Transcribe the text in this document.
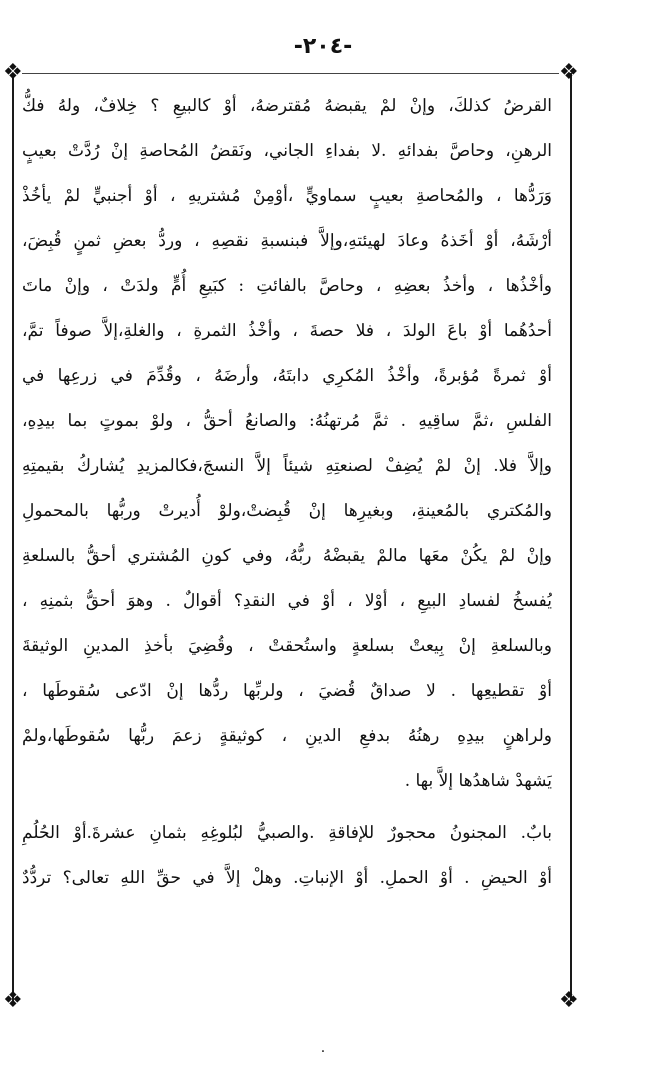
-٢٠٤-
❖	❖
❖	❖
القرضُ كذلكَ، وإنْ لمْ يقبضهُ مُقترضهُ، أوْ كالبيعِ ؟ خِلافٌ، ولهُ فكُّ
الرهنِ، وحاصَّ بفدائهِ .لا بفداءِ الجاني، ونَقضُ المُحاصةِ إنْ رُدَّتْ بعيبٍ
وَرَدُّها ، والمُحاصةِ بعيبٍ سماويٍّ ،أوْمِنْ مُشتريهِ ، أوْ أجنبيٍّ لمْ يأخُذْ
أرْشَهُ، أوْ أخَذهُ وعادَ لهيئتهِ،وإلاَّ فبنسبةِ نقصِهِ ، وردُّ بعضِ ثمنٍ قُبِضَ،
وأخْذُها ، وأخذُ بعضِهِ ، وحاصَّ بالفائتِ : كبَيعِ أُمٍّ ولدَتْ ، وإنْ ماتَ
أحدُهُما أوْ باعَ الولدَ ، فلا حصةَ ، وأخْذُ الثمرةِ ، والغلةِ،إلاَّ صوفاً تمَّ،
أوْ ثمرةً مُؤبرةً، وأخْذُ المُكرِي دابتَهُ، وأرضَهُ ، وقُدِّمَ في زرعِها في
الفلسِ ،ثمَّ ساقِيهِ . ثمَّ مُرتهنُهُ: والصانعُ أحقُّ ، ولوْ بموتٍ بما بيدِهِ،
وإلاَّ فلا. إنْ لمْ يُضِفْ لصنعتِهِ شيئاً إلاَّ النسجَ،فكالمزيدِ يُشاركُ بقيمتِهِ
والمُكتري بالمُعينةِ، وبغيرِها إنْ قُبِضتْ،ولوْ أُديرتْ وربُّها بالمحمولِ
وإنْ لمْ يكُنْ معَها مالمْ يقبضْهُ ربُّهُ، وفي كونِ المُشتري أحقُّ بالسلعةِ
يُفسخُ لفسادِ البيعِ ، أوْلا ، أوْ في النقدِ؟ أقوالٌ . وهوَ أحقُّ بثمنِهِ ،
وبالسلعةِ إنْ بِيعتْ بسلعةٍ واستُحقتْ ، وقُضِيَ بأخذِ المدينِ الوثيقةَ
أوْ تقطيعِها . لا صداقٌ قُضيَ ، ولربِّها ردُّها إنْ ادّعى سُقوطَها ،
ولراهنٍ بيدِهِ رهنُهُ بدفعِ الدينِ ، كوثيقةٍ زعمَ ربُّها سُقوطَها،ولمْ
يَشهدْ شاهدُها إلاَّ بها .
بابٌ. المجنونُ محجورٌ للإفاقةِ .والصبيُّ لبُلوغِهِ بثمانِ عشرةَ.أوْ الحُلُمِ
أوْ الحيضِ . أوْ الحملِ. أوْ الإنباتِ. وهلْ إلاَّ في حقِّ اللهِ تعالى؟ تردُّدٌ
.
